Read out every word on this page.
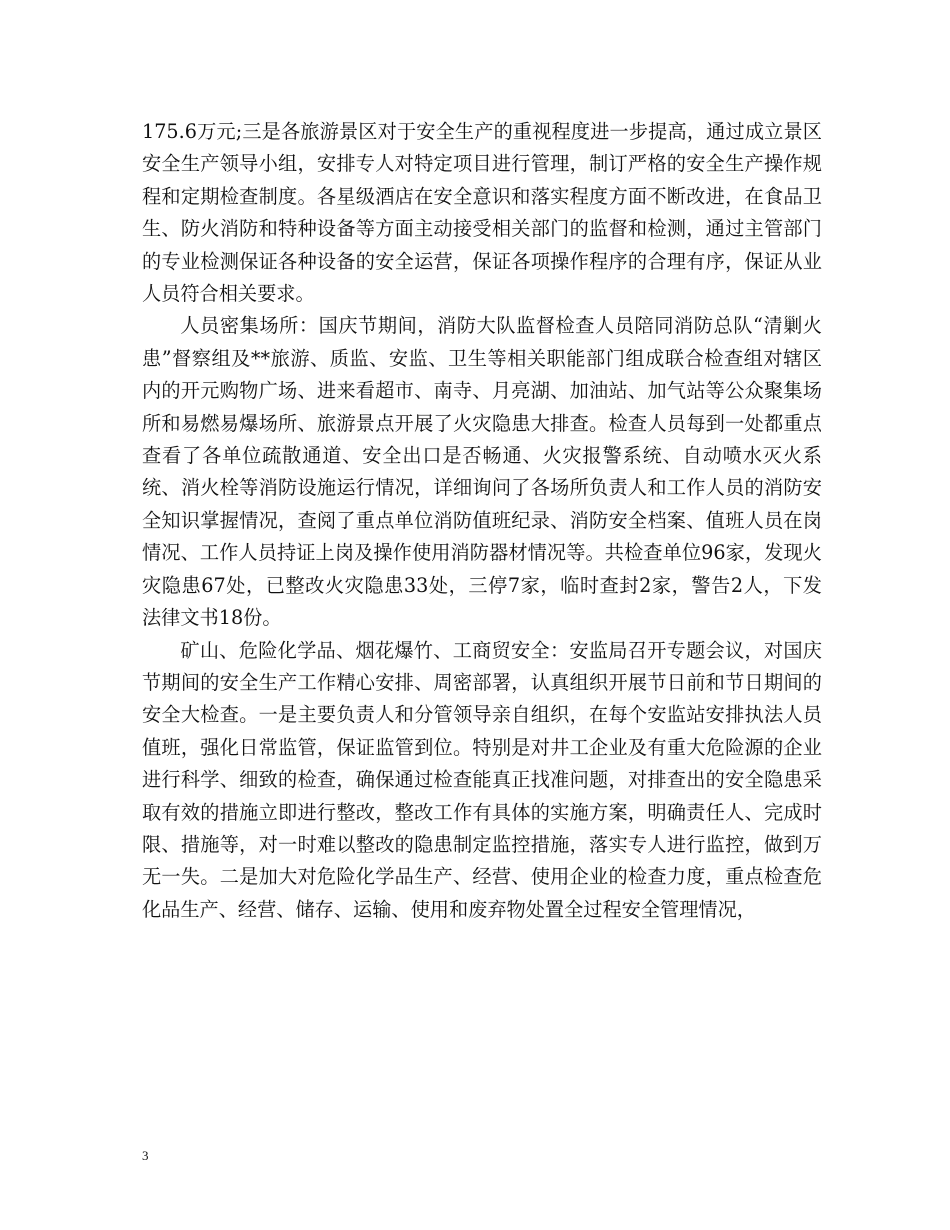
175.6万元;三是各旅游景区对于安全生产的重视程度进一步提高，通过成立景区安全生产领导小组，安排专人对特定项目进行管理，制订严格的安全生产操作规程和定期检查制度。各星级酒店在安全意识和落实程度方面不断改进，在食品卫生、防火消防和特种设备等方面主动接受相关部门的监督和检测，通过主管部门的专业检测保证各种设备的安全运营，保证各项操作程序的合理有序，保证从业人员符合相关要求。

人员密集场所：国庆节期间，消防大队监督检查人员陪同消防总队“清剿火患”督察组及**旅游、质监、安监、卫生等相关职能部门组成联合检查组对辖区内的开元购物广场、进来看超市、南寺、月亮湖、加油站、加气站等公众聚集场所和易燃易爆场所、旅游景点开展了火灾隐患大排查。检查人员每到一处都重点查看了各单位疏散通道、安全出口是否畅通、火灾报警系统、自动喷水灭火系统、消火栓等消防设施运行情况，详细询问了各场所负责人和工作人员的消防安全知识掌握情况，查阅了重点单位消防值班纪录、消防安全档案、值班人员在岗情况、工作人员持证上岗及操作使用消防器材情况等。共检查单位96家，发现火灾隐患67处，已整改火灾隐患33处，三停7家，临时查封2家，警告2人，下发法律文书18份。

矿山、危险化学品、烟花爆竹、工商贸安全：安监局召开专题会议，对国庆节期间的安全生产工作精心安排、周密部署，认真组织开展节日前和节日期间的安全大检查。一是主要负责人和分管领导亲自组织，在每个安监站安排执法人员值班，强化日常监管，保证监管到位。特别是对井工企业及有重大危险源的企业进行科学、细致的检查，确保通过检查能真正找准问题，对排查出的安全隐患采取有效的措施立即进行整改，整改工作有具体的实施方案，明确责任人、完成时限、措施等，对一时难以整改的隐患制定监控措施，落实专人进行监控，做到万无一失。二是加大对危险化学品生产、经营、使用企业的检查力度，重点检查危化品生产、经营、储存、运输、使用和废弃物处置全过程安全管理情况，

3
